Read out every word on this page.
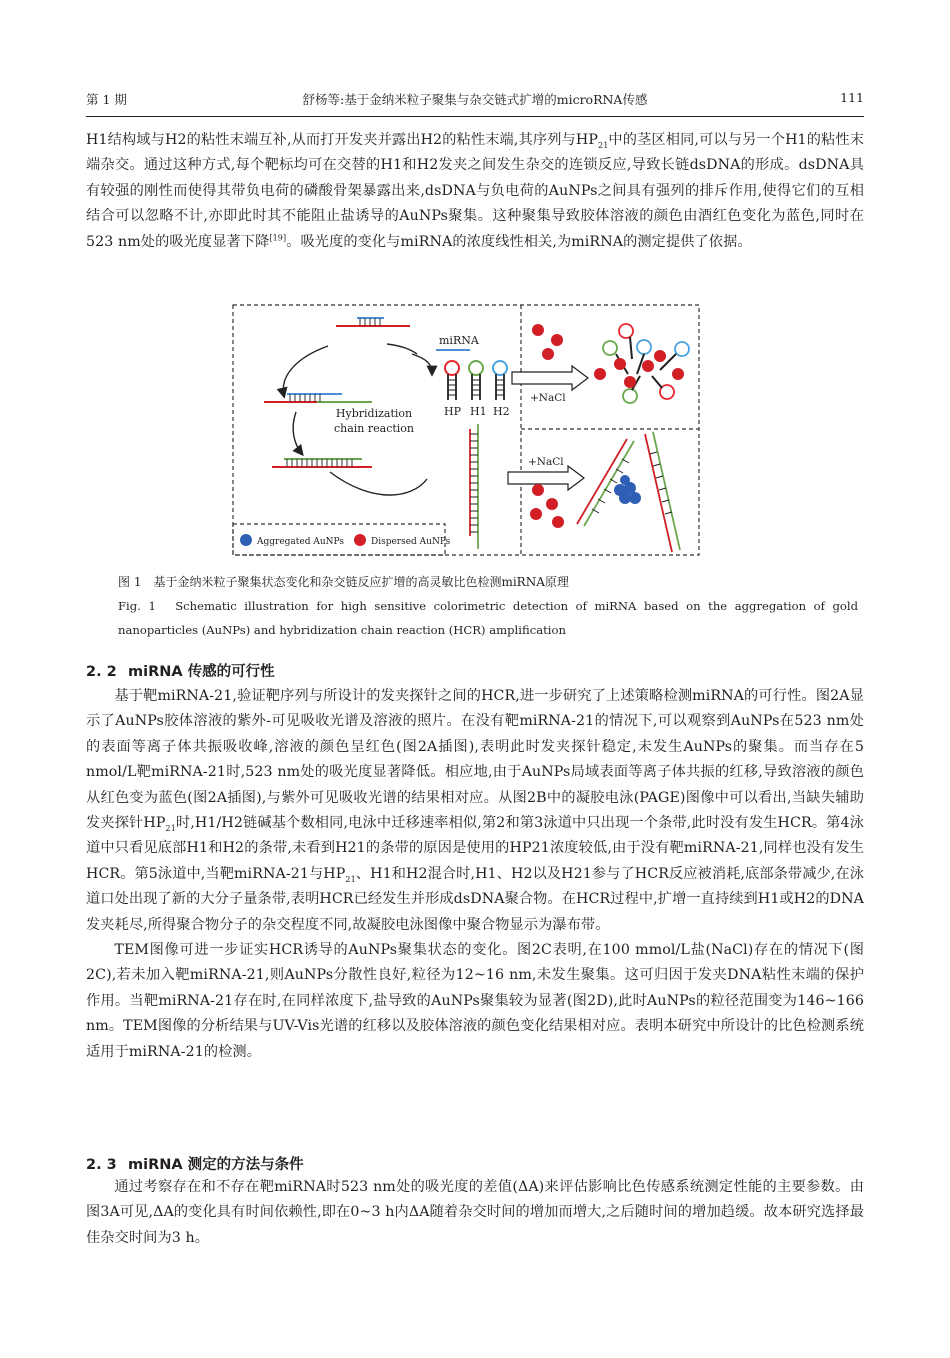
第 1 期	舒杨等:基于金纳米粒子聚集与杂交链式扩增的microRNA传感	111

H1结构域与H2的粘性末端互补,从而打开发夹并露出H2的粘性末端,其序列与$HP_{21}$中的茎区相同,可以与另一个H1的粘性末端杂交。通过这种方式,每个靶标均可在交替的H1和H2发夹之间发生杂交的连锁反应,导致长链dsDNA的形成。dsDNA具有较强的刚性而使得其带负电荷的磷酸骨架暴露出来,dsDNA与负电荷的AuNPs之间具有强列的排斥作用,使得它们的互相结合可以忽略不计,亦即此时其不能阻止盐诱导的AuNPs聚集。这种聚集导致胶体溶液的颜色由酒红色变化为蓝色,同时在523 nm处的吸光度显著下降[19]。吸光度的变化与miRNA的浓度线性相关,为miRNA的测定提供了依据。

Hybridization
chain reaction
miRNA
HP H1 H2
+NaCl
+NaCl
Aggregated AuNPs	Dispersed AuNPs
图 1　基于金纳米粒子聚集状态变化和杂交链反应扩增的高灵敏比色检测miRNA原理
Fig. 1　Schematic illustration for high sensitive colorimetric detection of miRNA based on the aggregation of gold nanoparticles (AuNPs) and hybridization chain reaction (HCR) amplification
2. 2 miRNA 传感的可行性

基于靶miRNA-21,验证靶序列与所设计的发夹探针之间的HCR,进一步研究了上述策略检测miRNA的可行性。图2A显示了AuNPs胶体溶液的紫外-可见吸收光谱及溶液的照片。在没有靶miRNA-21的情况下,可以观察到AuNPs在523 nm处的表面等离子体共振吸收峰,溶液的颜色呈红色(图2A插图),表明此时发夹探针稳定,未发生AuNPs的聚集。而当存在5 nmol/L靶miRNA-21时,523 nm处的吸光度显著降低。相应地,由于AuNPs局域表面等离子体共振的红移,导致溶液的颜色从红色变为蓝色(图2A插图),与紫外可见吸收光谱的结果相对应。从图2B中的凝胶电泳(PAGE)图像中可以看出,当缺失辅助发夹探针$HP_{21}$时,H1/H2链碱基个数相同,电泳中迁移速率相似,第2和第3泳道中只出现一个条带,此时没有发生HCR。第4泳道中只看见底部H1和H2的条带,未看到H21的条带的原因是使用的HP21浓度较低,由于没有靶miRNA-21,同样也没有发生HCR。第5泳道中,当靶miRNA-21与$HP_{21}$、H1和H2混合时,H1、H2以及H21参与了HCR反应被消耗,底部条带减少,在泳道口处出现了新的大分子量条带,表明HCR已经发生并形成dsDNA聚合物。在HCR过程中,扩增一直持续到H1或H2的DNA发夹耗尽,所得聚合物分子的杂交程度不同,故凝胶电泳图像中聚合物显示为瀑布带。

TEM图像可进一步证实HCR诱导的AuNPs聚集状态的变化。图2C表明,在100 mmol/L盐(NaCl)存在的情况下(图2C),若未加入靶miRNA-21,则AuNPs分散性良好,粒径为12~16 nm,未发生聚集。这可归因于发夹DNA粘性末端的保护作用。当靶miRNA-21存在时,在同样浓度下,盐导致的AuNPs聚集较为显著(图2D),此时AuNPs的粒径范围变为146~166 nm。TEM图像的分析结果与UV-Vis光谱的红移以及胶体溶液的颜色变化结果相对应。表明本研究中所设计的比色检测系统适用于miRNA-21的检测。

2. 3 miRNA 测定的方法与条件

通过考察存在和不存在靶miRNA时523 nm处的吸光度的差值(ΔA)来评估影响比色传感系统测定性能的主要参数。由图3A可见,ΔA的变化具有时间依赖性,即在0~3 h内ΔA随着杂交时间的增加而增大,之后随时间的增加趋缓。故本研究选择最佳杂交时间为3 h。
